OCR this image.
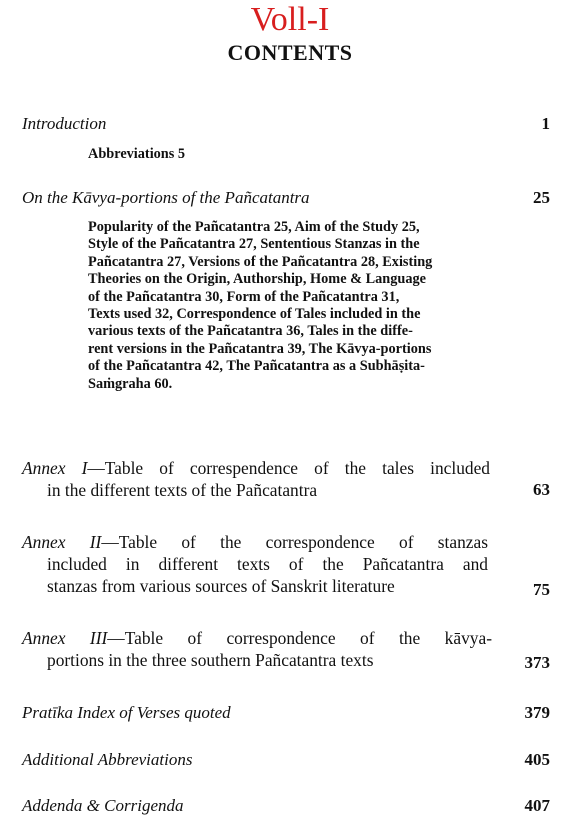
Voll-I
CONTENTS
Introduction	1
Abbreviations 5
On the Kāvya-portions of the Pañcatantra	25
Popularity of the Pañcatantra 25, Aim of the Study 25,
Style of the Pañcatantra 27, Sententious Stanzas in the
Pañcatantra 27, Versions of the Pañcatantra 28, Existing
Theories on the Origin, Authorship, Home & Language
of the Pañcatantra 30, Form of the Pañcatantra 31,
Texts used 32, Correspondence of Tales included in the
various texts of the Pañcatantra 36, Tales in the diffe-
rent versions in the Pañcatantra 39, The Kāvya-portions
of the Pañcatantra 42, The Pañcatantra as a Subhāṣita-
Saṁgraha 60.
Annex I—Table of correspendence of the tales included
in the different texts of the Pañcatantra	63
Annex II—Table of the correspondence of stanzas
included in different texts of the Pañcatantra and
stanzas from various sources of Sanskrit literature	75
Annex III—Table of correspondence of the kāvya-
portions in the three southern Pañcatantra texts	373
Pratīka Index of Verses quoted	379
Additional Abbreviations	405
Addenda & Corrigenda	407
